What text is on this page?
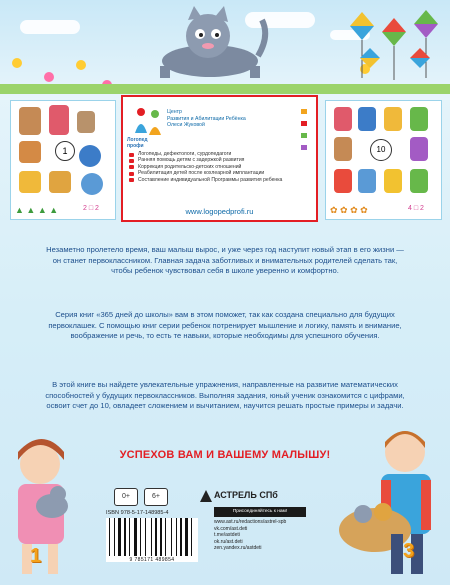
1
▲ ▲ ▲ ▲	2 □ 2
10
✿ ✿ ✿ ✿	4 □ 2
Логопед
профи
Центр
Развития и Абилитации Ребёнка
Олеси Жуковой
Логопеды, дефектологи, сурдопедагоги
Ранняя помощь детям с задержкой развития
Коррекция родительско-детских отношений
Реабилитация детей после кохлеарной имплантации
Составление индивидуальной Программы развития ребенка
www.logopedprofi.ru
Незаметно пролетело время, ваш малыш вырос, и уже через год наступит новый этап в его жизни — он станет первоклассником. Главная задача заботливых и внимательных родителей сделать так, чтобы ребенок чувствовал себя в школе уверенно и комфортно.
Серия книг «365 дней до школы» вам в этом поможет, так как создана специально для будущих первоклашек. С помощью книг серии ребенок потренирует мышление и логику, память и внимание, воображение и речь, то есть те навыки, которые необходимы для успешного обучения.
В этой книге вы найдете увлекательные упражнения, направленные на развитие математических способностей у будущих первоклассников. Выполняя задания, юный ученик ознакомится с цифрами, освоит счет до 10, овладеет сложением и вычитанием, научится решать простые примеры и задачи.
УСПЕХОВ ВАМ И ВАШЕМУ МАЛЫШУ!
1	3
0+	6+
ISBN 978-5-17-148985-4
9 785171 489854
АСТРЕЛЬ СПб
Присоединяйтесь к нам!
www.ast.ru/redactions/astrel-spb
vk.com/ast.deti
t.me/astdeti
ok.ru/ast.deti
zen.yandex.ru/astdeti
